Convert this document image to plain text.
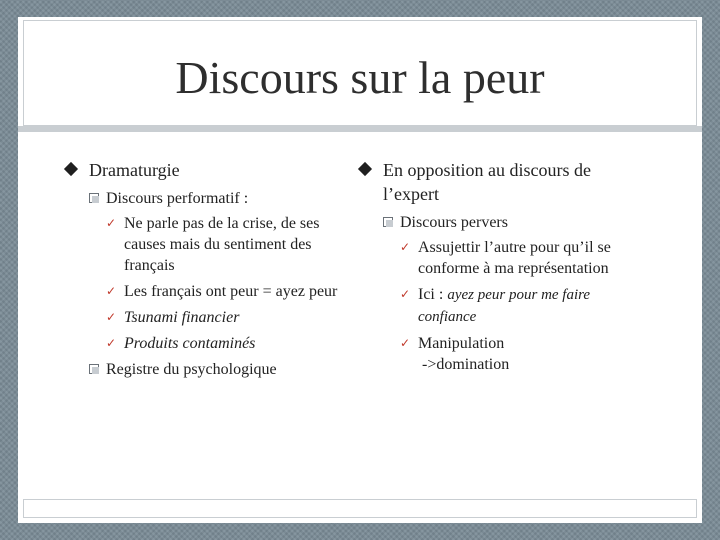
Discours sur la peur
Dramaturgie
Discours performatif :
✓ Ne parle pas de la crise, de ses causes mais du sentiment des français
✓ Les français ont peur = ayez peur
✓ Tsunami financier
✓ Produits contaminés
Registre du psychologique
En opposition au discours de l’expert
Discours pervers
✓ Assujettir l’autre pour qu’il se conforme à ma représentation
✓ Ici : ayez peur pour me faire confiance
✓ Manipulation
->domination
